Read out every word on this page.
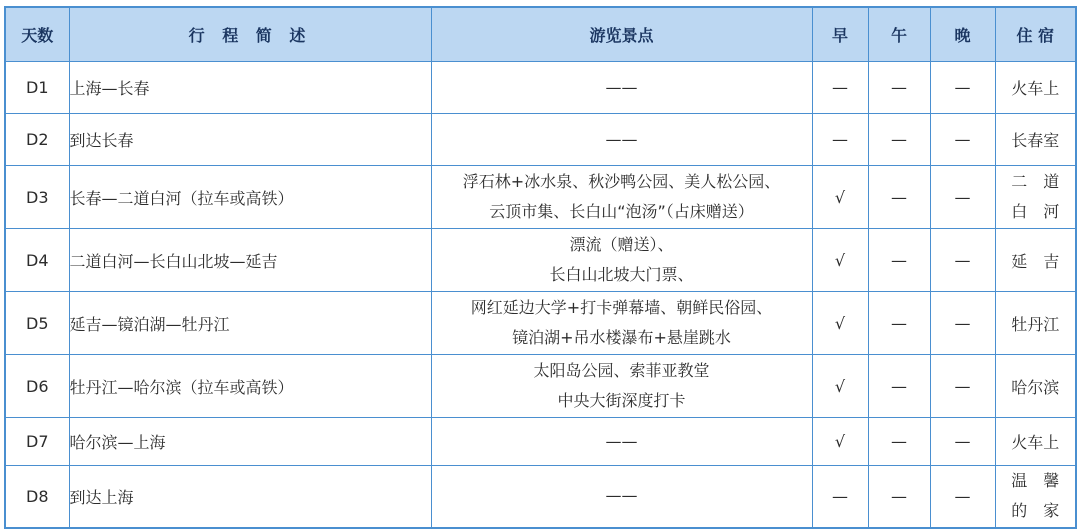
天数	行 程 简 述	游览景点	早	午	晚	住 宿
D1	上海—长春	——	—	—	—	火车上

D2	到达长春	——	—	—	—	长春室

D3	长春—二道白河（拉车或高铁）	浮石林+冰水泉、秋沙鸭公园、美人松公园、
云顶市集、长白山“泡汤”（占床赠送）	√	—	—	二　道
白　河

D4	二道白河—长白山北坡—延吉	漂流（赠送）、
长白山北坡大门票、	√	—	—	延　吉

D5	延吉—镜泊湖—牡丹江	网红延边大学+打卡弹幕墙、朝鲜民俗园、
镜泊湖+吊水楼瀑布+悬崖跳水	√	—	—	牡丹江

D6	牡丹江—哈尔滨（拉车或高铁）	太阳岛公园、索菲亚教堂
中央大街深度打卡	√	—	—	哈尔滨

D7	哈尔滨—上海	——	√	—	—	火车上

D8	到达上海	——	—	—	—	温　馨
的　家
